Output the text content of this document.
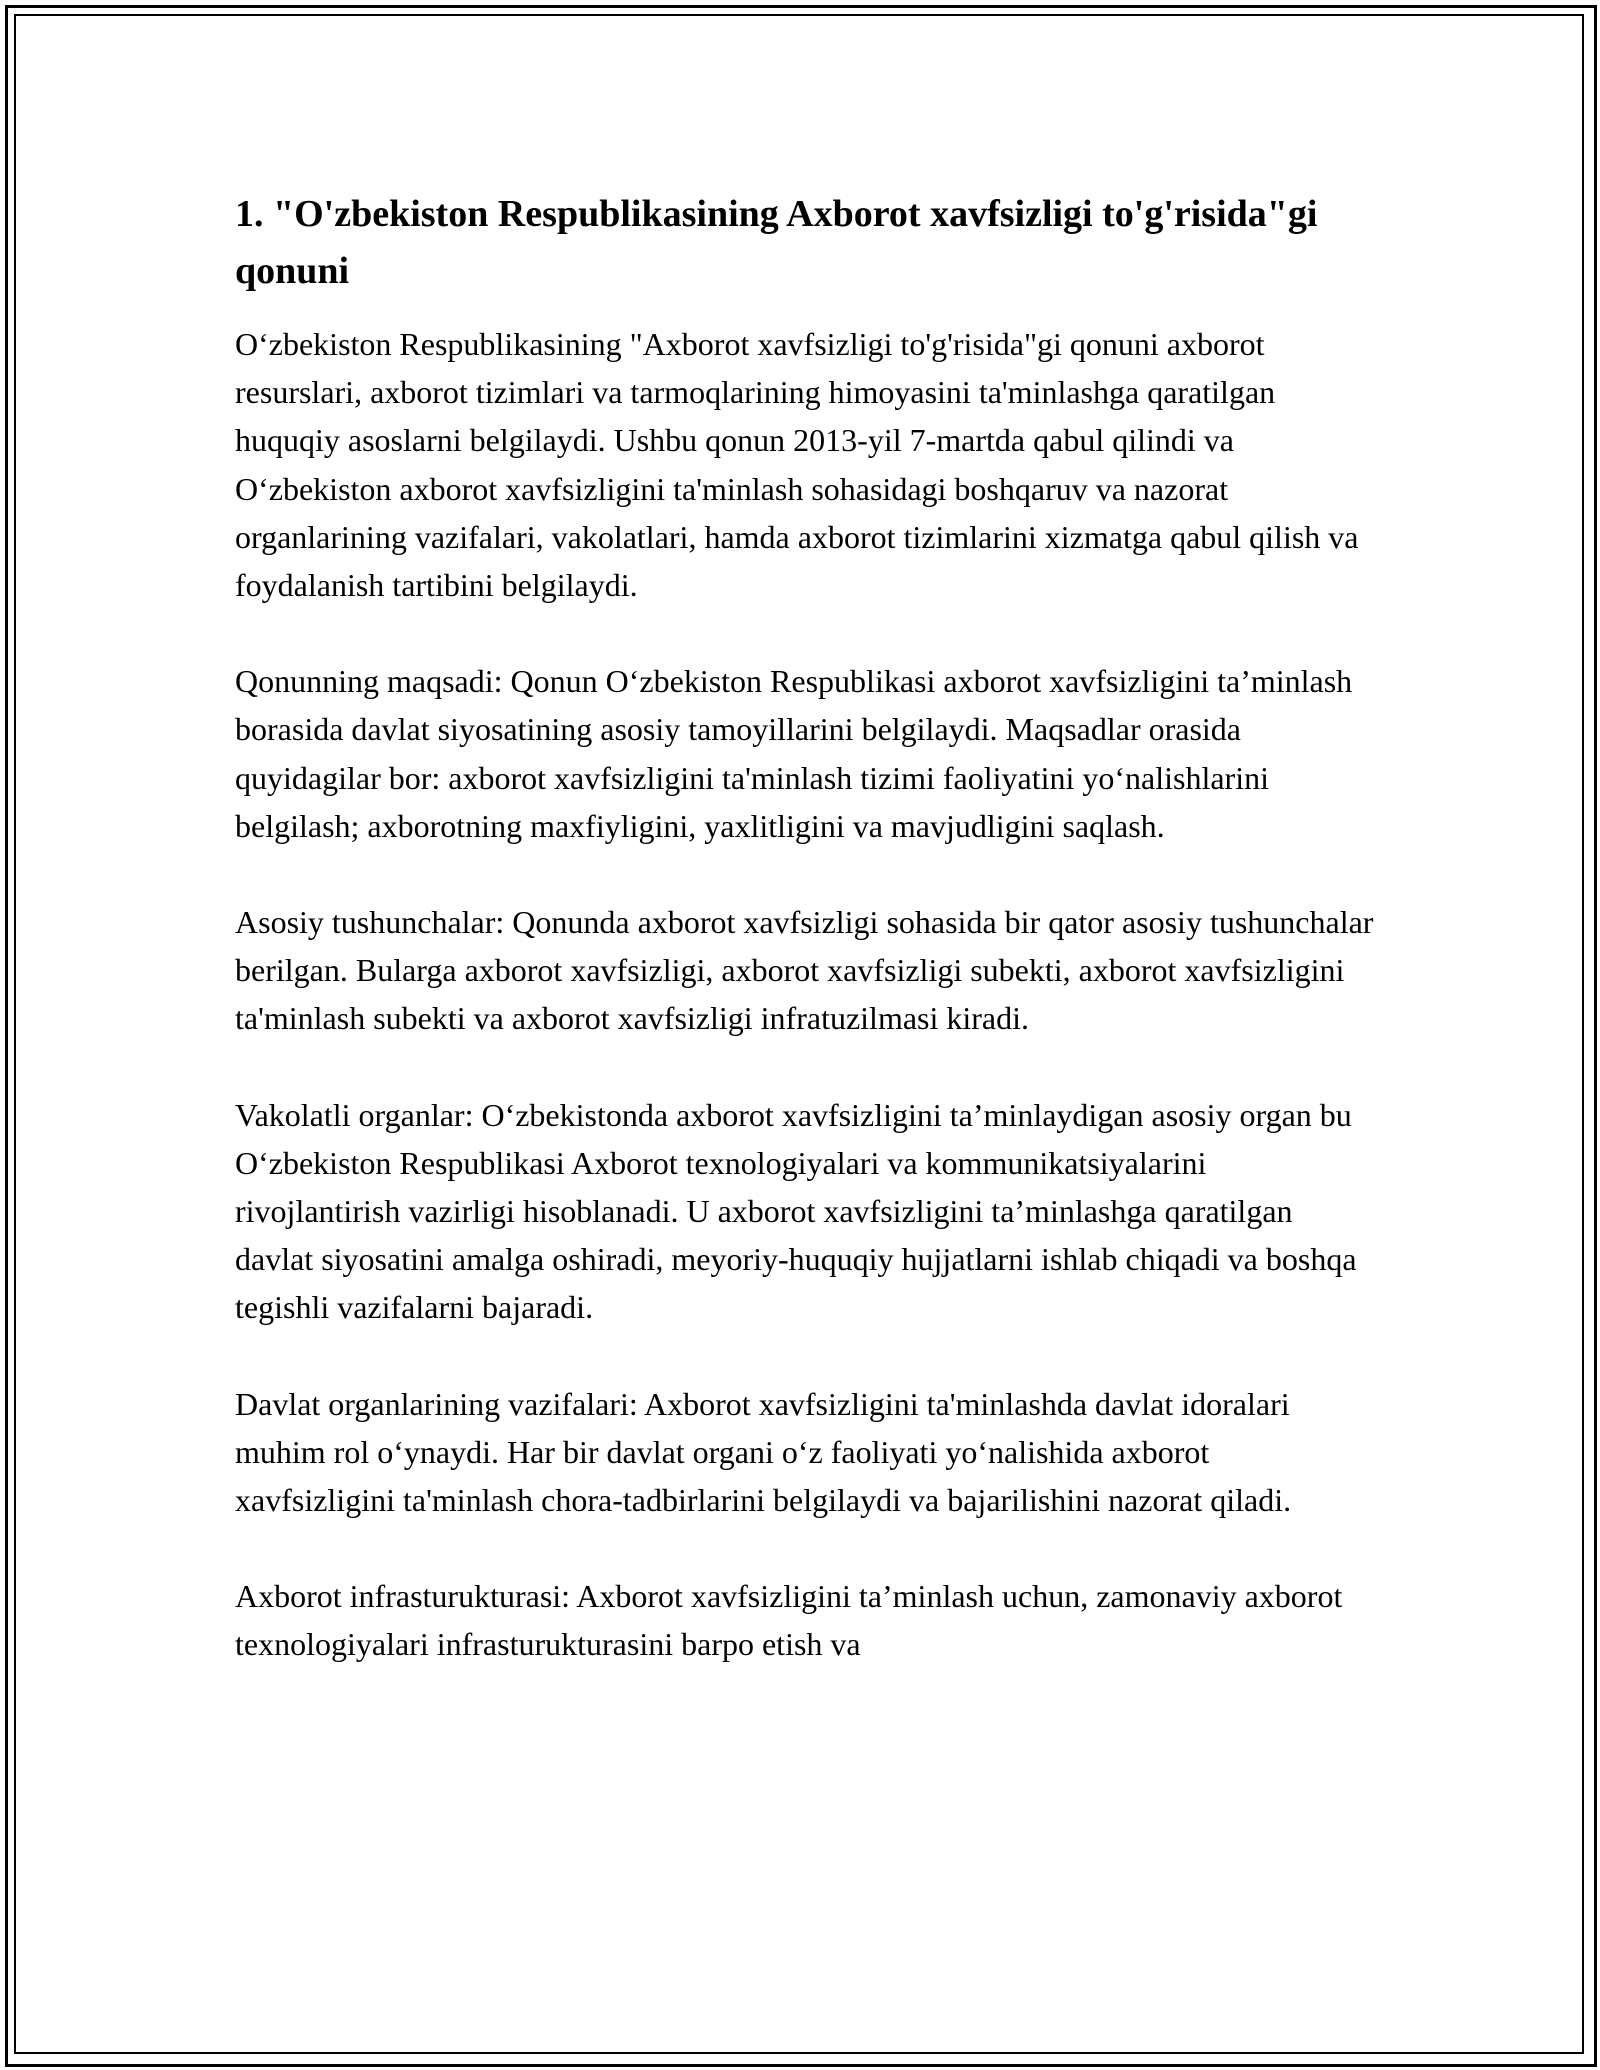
1. "O'zbekiston Respublikasining Axborot xavfsizligi to'g'risida"gi qonuni

O‘zbekiston Respublikasining "Axborot xavfsizligi to'g'risida"gi qonuni axborot resurslari, axborot tizimlari va tarmoqlarining himoyasini ta'minlashga qaratilgan huquqiy asoslarni belgilaydi. Ushbu qonun 2013-yil 7-martda qabul qilindi va O‘zbekiston axborot xavfsizligini ta'minlash sohasidagi boshqaruv va nazorat organlarining vazifalari, vakolatlari, hamda axborot tizimlarini xizmatga qabul qilish va foydalanish tartibini belgilaydi.

Qonunning maqsadi: Qonun O‘zbekiston Respublikasi axborot xavfsizligini ta’minlash borasida davlat siyosatining asosiy tamoyillarini belgilaydi. Maqsadlar orasida quyidagilar bor: axborot xavfsizligini ta'minlash tizimi faoliyatini yo‘nalishlarini belgilash; axborotning maxfiyligini, yaxlitligini va mavjudligini saqlash.

Asosiy tushunchalar: Qonunda axborot xavfsizligi sohasida bir qator asosiy tushunchalar berilgan. Bularga axborot xavfsizligi, axborot xavfsizligi subekti, axborot xavfsizligini ta'minlash subekti va axborot xavfsizligi infratuzilmasi kiradi.

Vakolatli organlar: O‘zbekistonda axborot xavfsizligini ta’minlaydigan asosiy organ bu O‘zbekiston Respublikasi Axborot texnologiyalari va kommunikatsiyalarini rivojlantirish vazirligi hisoblanadi. U axborot xavfsizligini ta’minlashga qaratilgan davlat siyosatini amalga oshiradi, meyoriy-huquqiy hujjatlarni ishlab chiqadi va boshqa tegishli vazifalarni bajaradi.

Davlat organlarining vazifalari: Axborot xavfsizligini ta'minlashda davlat idoralari muhim rol o‘ynaydi. Har bir davlat organi o‘z faoliyati yo‘nalishida axborot xavfsizligini ta'minlash chora-tadbirlarini belgilaydi va bajarilishini nazorat qiladi.

Axborot infrasturukturasi: Axborot xavfsizligini ta’minlash uchun, zamonaviy axborot texnologiyalari infrasturukturasini barpo etish va
